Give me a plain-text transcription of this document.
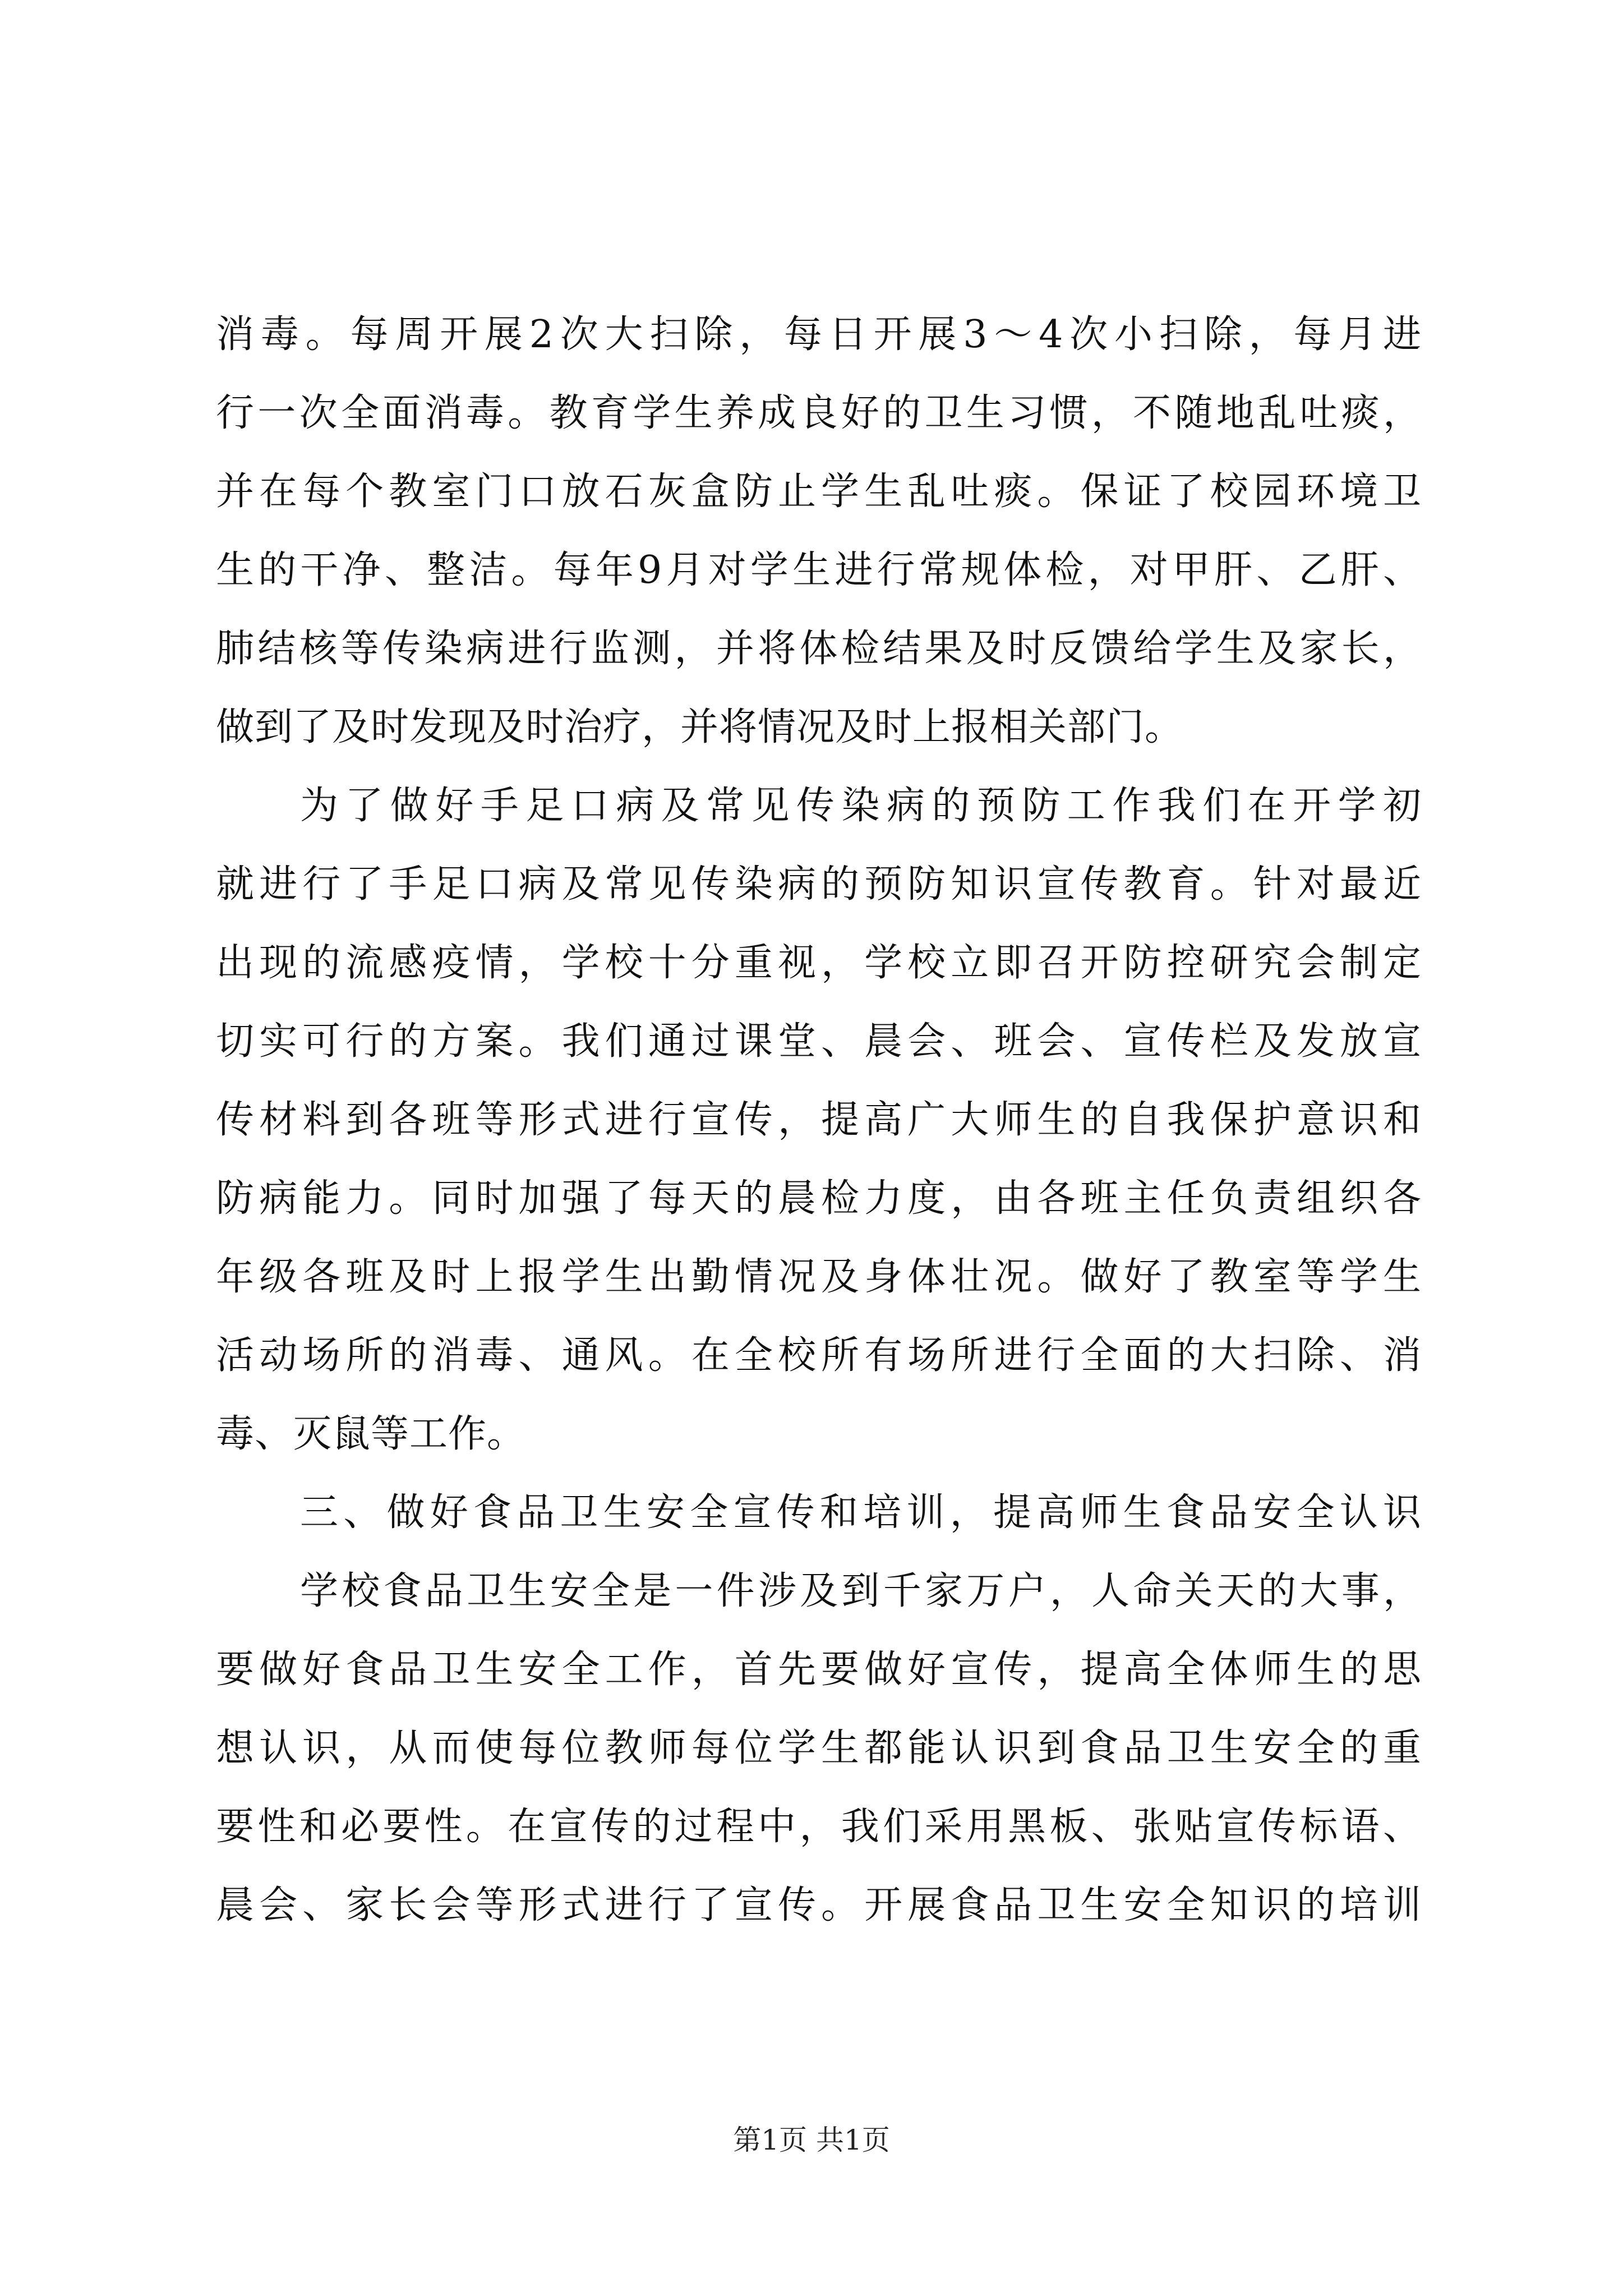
消毒。每周开展2次大扫除，每日开展3～4次小扫除，每月进
行一次全面消毒。教育学生养成良好的卫生习惯，不随地乱吐痰，
并在每个教室门口放石灰盒防止学生乱吐痰。保证了校园环境卫
生的干净、整洁。每年9月对学生进行常规体检，对甲肝、乙肝、
肺结核等传染病进行监测，并将体检结果及时反馈给学生及家长，
做到了及时发现及时治疗，并将情况及时上报相关部门。
为了做好手足口病及常见传染病的预防工作我们在开学初
就进行了手足口病及常见传染病的预防知识宣传教育。针对最近
出现的流感疫情，学校十分重视，学校立即召开防控研究会制定
切实可行的方案。我们通过课堂、晨会、班会、宣传栏及发放宣
传材料到各班等形式进行宣传，提高广大师生的自我保护意识和
防病能力。同时加强了每天的晨检力度，由各班主任负责组织各
年级各班及时上报学生出勤情况及身体壮况。做好了教室等学生
活动场所的消毒、通风。在全校所有场所进行全面的大扫除、消
毒、灭鼠等工作。
三、做好食品卫生安全宣传和培训，提高师生食品安全认识
学校食品卫生安全是一件涉及到千家万户，人命关天的大事，
要做好食品卫生安全工作，首先要做好宣传，提高全体师生的思
想认识，从而使每位教师每位学生都能认识到食品卫生安全的重
要性和必要性。在宣传的过程中，我们采用黑板、张贴宣传标语、
晨会、家长会等形式进行了宣传。开展食品卫生安全知识的培训
第1页 共1页
